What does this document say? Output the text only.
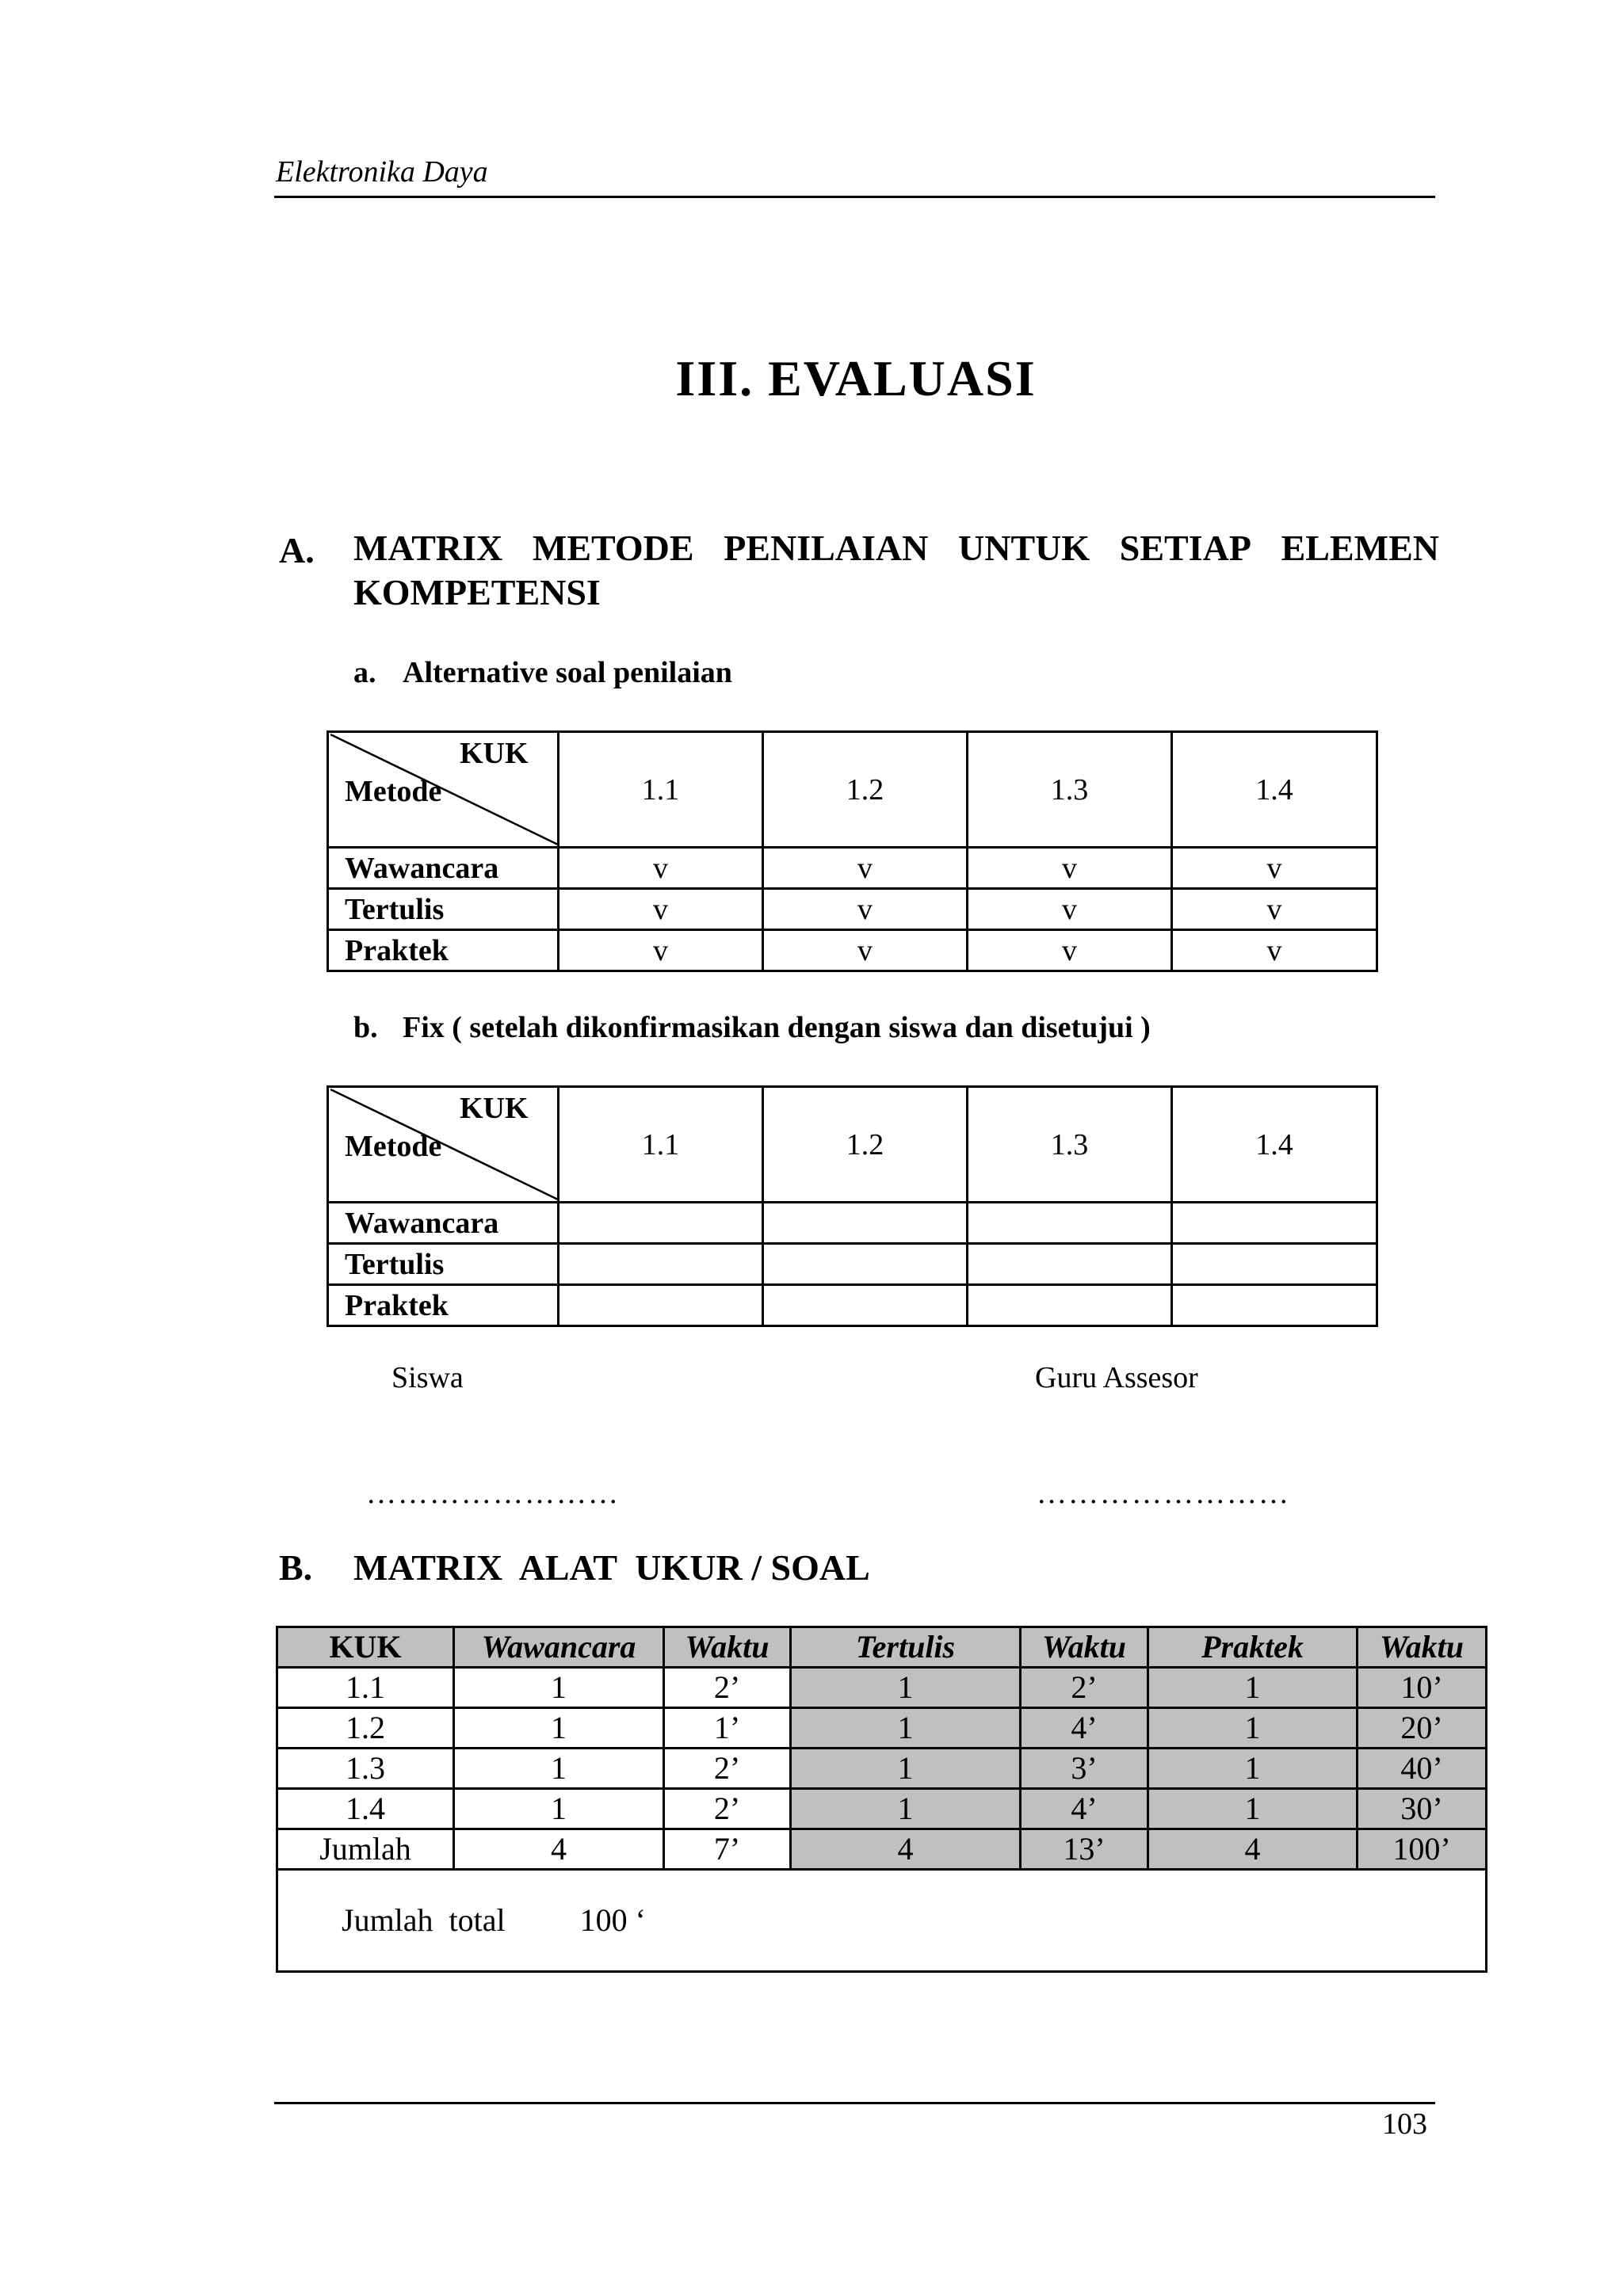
Elektronika Daya
III. EVALUASI
A. MATRIX METODE PENILAIAN UNTUK SETIAP ELEMEN
KOMPETENSI
a. Alternative soal penilaian
KUK
Metode	1.1	1.2	1.3	1.4
Wawancara	v	v	v	v
Tertulis	v	v	v	v
Praktek	v	v	v	v
b. Fix ( setelah dikonfirmasikan dengan siswa dan disetujui )
KUK
Metode	1.1	1.2	1.3	1.4
Wawancara				
Tertulis				
Praktek				
Siswa	Guru Assesor
……………………	……………………
B. MATRIX  ALAT  UKUR / SOAL
KUK	Wawancara	Waktu	Tertulis	Waktu	Praktek	Waktu
1.1	1	2’	1	2’	1	10’
1.2	1	1’	1	4’	1	20’
1.3	1	2’	1	3’	1	40’
1.4	1	2’	1	4’	1	30’
Jumlah	4	7’	4	13’	4	100’
Jumlah  total 100 ‘						
103
